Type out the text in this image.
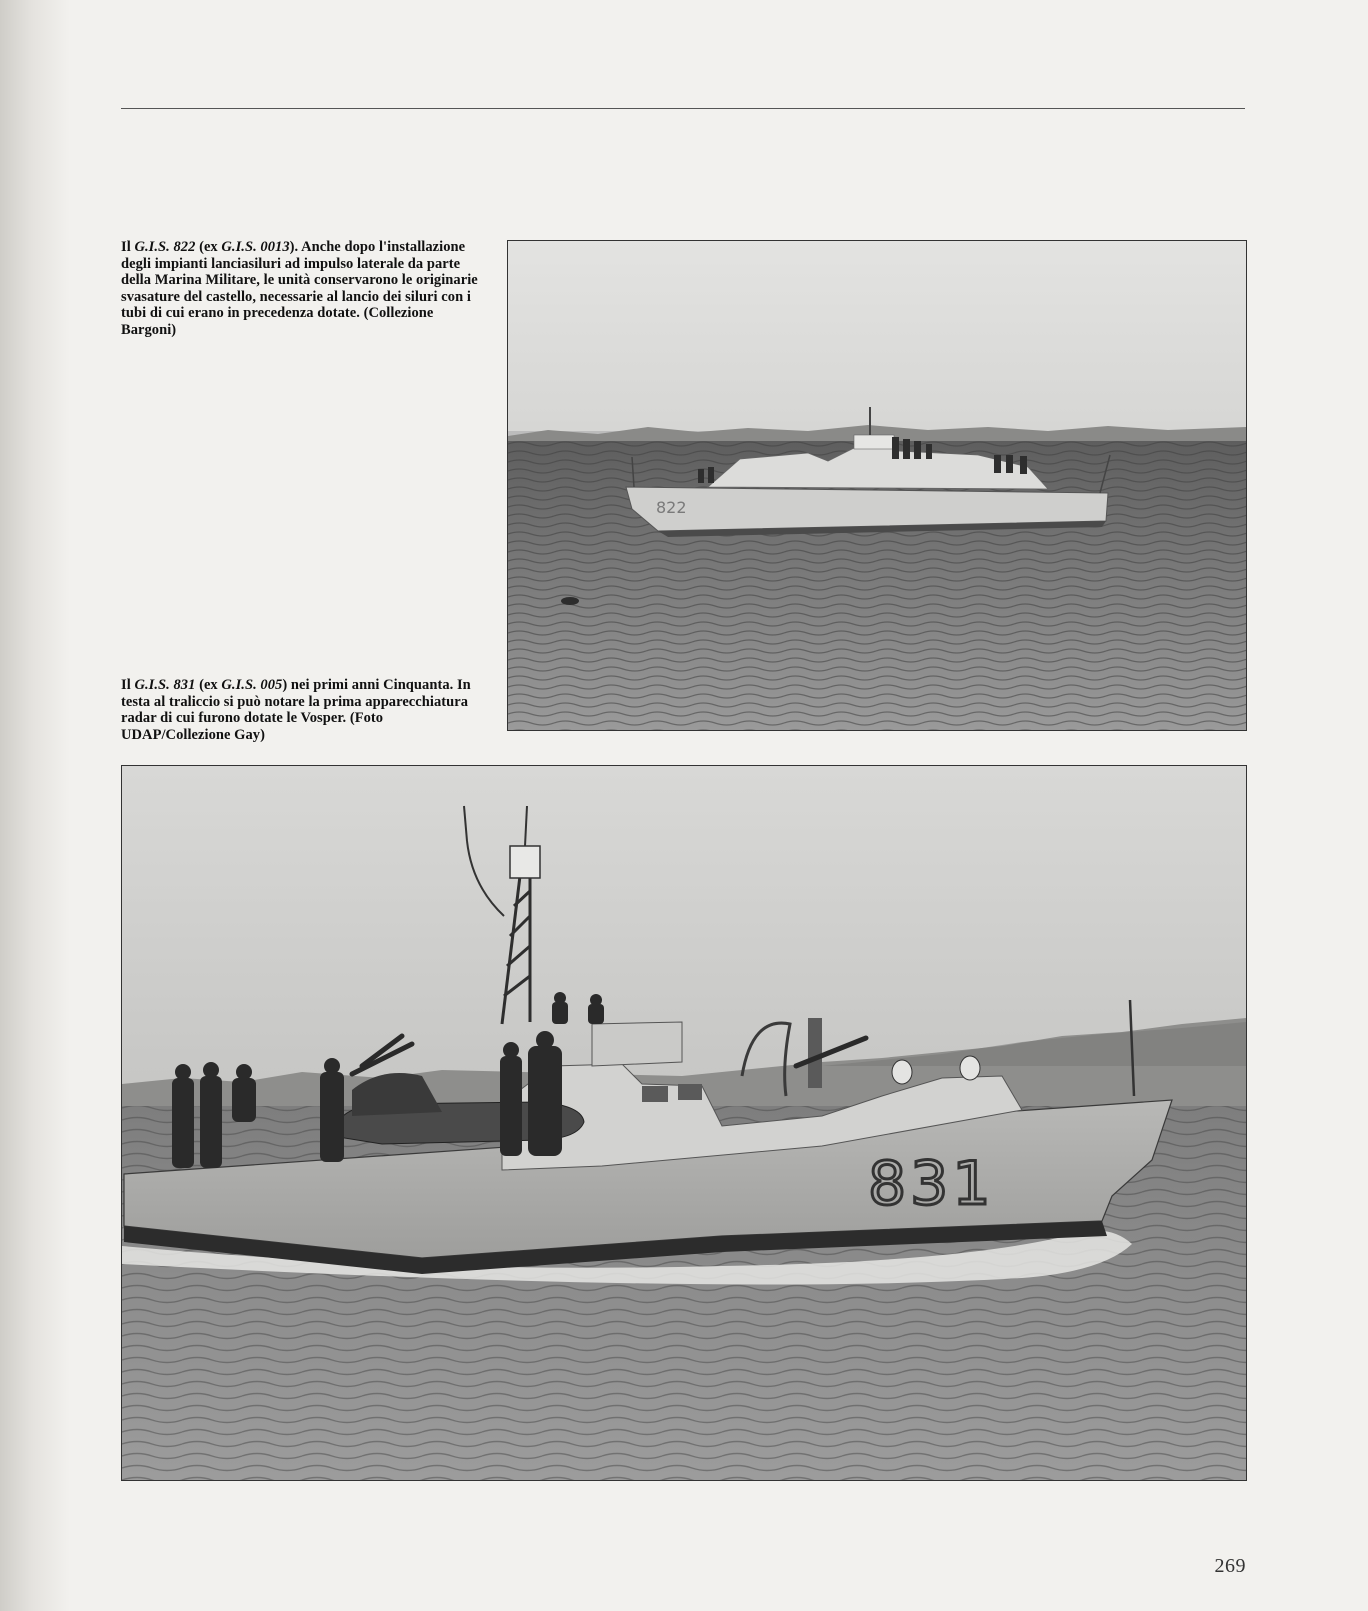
Il G.I.S. 822 (ex G.I.S. 0013). Anche dopo l'installazione degli impianti lanciasiluri ad impulso laterale da parte della Marina Militare, le unità conservarono le originarie svasature del castello, necessarie al lancio dei siluri con i tubi di cui erano in precedenza dotate. (Collezione Bargoni)
822
Il G.I.S. 831 (ex G.I.S. 005) nei primi anni Cinquanta. In testa al traliccio si può notare la prima apparecchiatura radar di cui furono dotate le Vosper. (Foto UDAP/Collezione Gay)
831
269
